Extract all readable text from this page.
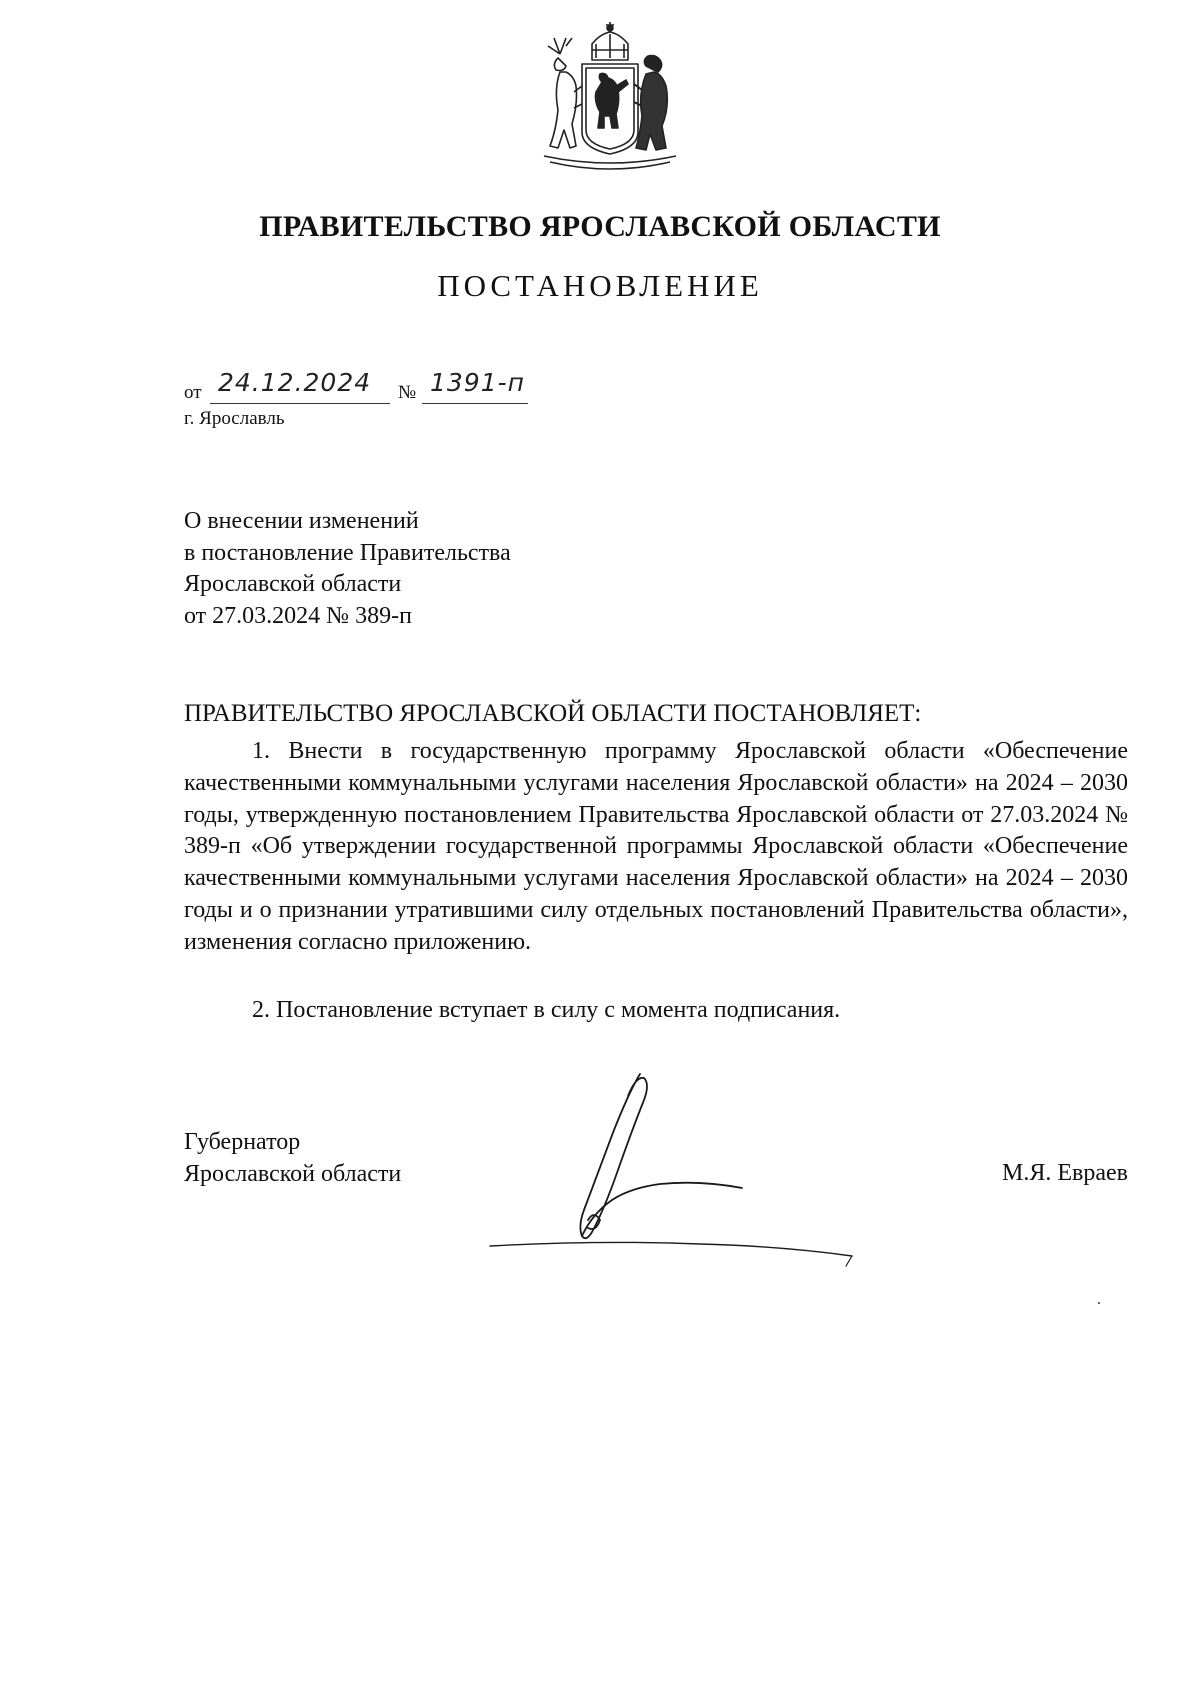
ПРАВИТЕЛЬСТВО ЯРОСЛАВСКОЙ ОБЛАСТИ
ПОСТАНОВЛЕНИЕ
от 24.12.2024 № 1391-п
г. Ярославль
О внесении изменений
в постановление Правительства
Ярославской области
от 27.03.2024 № 389-п
ПРАВИТЕЛЬСТВО ЯРОСЛАВСКОЙ ОБЛАСТИ ПОСТАНОВЛЯЕТ:

1. Внести в государственную программу Ярославской области «Обеспечение качественными коммунальными услугами населения Ярославской области» на 2024 – 2030 годы, утвержденную постановлением Правительства Ярославской области от 27.03.2024 № 389-п «Об утверждении государственной программы Ярославской области «Обеспечение качественными коммунальными услугами населения Ярославской области» на 2024 – 2030 годы и о признании утратившими силу отдельных постановлений Правительства области», изменения согласно приложению.

2. Постановление вступает в силу с момента подписания.
Губернатор
Ярославской области	М.Я. Евраев
